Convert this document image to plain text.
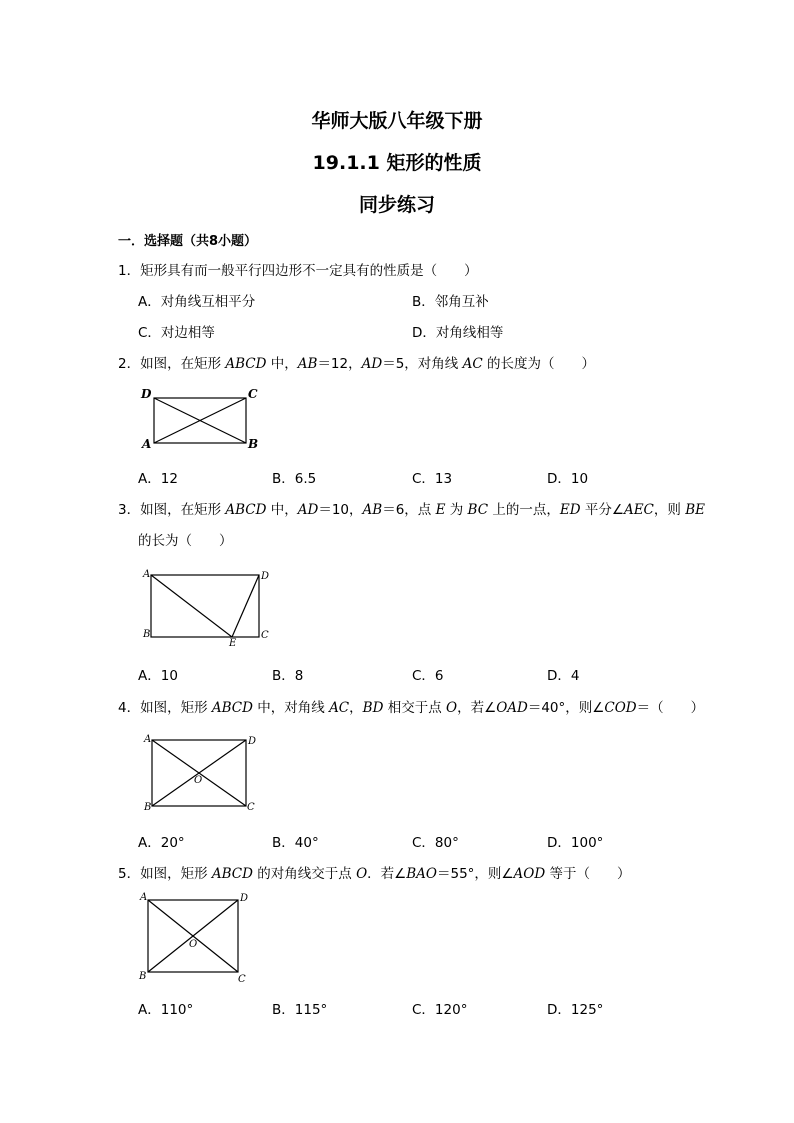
华师大版八年级下册
19.1.1 矩形的性质
同步练习
一．选择题（共8小题）
1．矩形具有而一般平行四边形不一定具有的性质是（　　）
A．对角线互相平分	B．邻角互补
C．对边相等	D．对角线相等
2．如图，在矩形 ABCD 中，AB＝12，AD＝5，对角线 AC 的长度为（　　）
D	C
A	B
A．12	B．6.5	C．13	D．10
3．如图，在矩形 ABCD 中，AD＝10，AB＝6，点 E 为 BC 上的一点，ED 平分∠AEC，则 BE
的长为（　　）
A	D
B
E
C
A．10	B．8	C．6	D．4
4．如图，矩形 ABCD 中，对角线 AC，BD 相交于点 O，若∠OAD＝40°，则∠COD＝（　　）
A	D
O
B	C
A．20°	B．40°	C．80°	D．100°
5．如图，矩形 ABCD 的对角线交于点 O．若∠BAO＝55°，则∠AOD 等于（　　）
A	D
O
B	C
A．110°	B．115°	C．120°	D．125°
